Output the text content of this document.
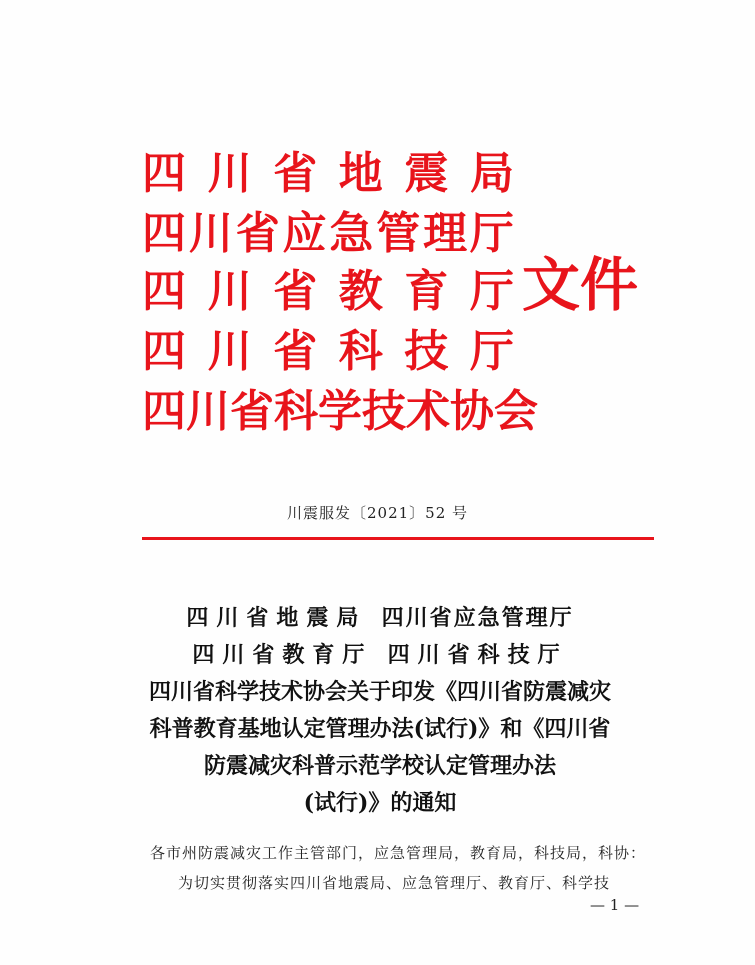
四 川 省 地 震 局
四 川 省 应 急 管 理 厅
四 川 省 教 育 厅
四 川 省 科 技 厅
四 川 省 科 学 技 术 协 会
文件
川震服发〔2021〕52 号
四川省地震局 四川省应急管理厅
四川省教育厅 四川省科技厅
四川省科学技术协会关于印发《四川省防震减灾
科普教育基地认定管理办法(试行)》和《四川省
防震减灾科普示范学校认定管理办法
(试行)》的通知
各市州防震减灾工作主管部门，应急管理局，教育局，科技局，科协：
为切实贯彻落实四川省地震局、应急管理厅、教育厅、科学技
— 1 —
